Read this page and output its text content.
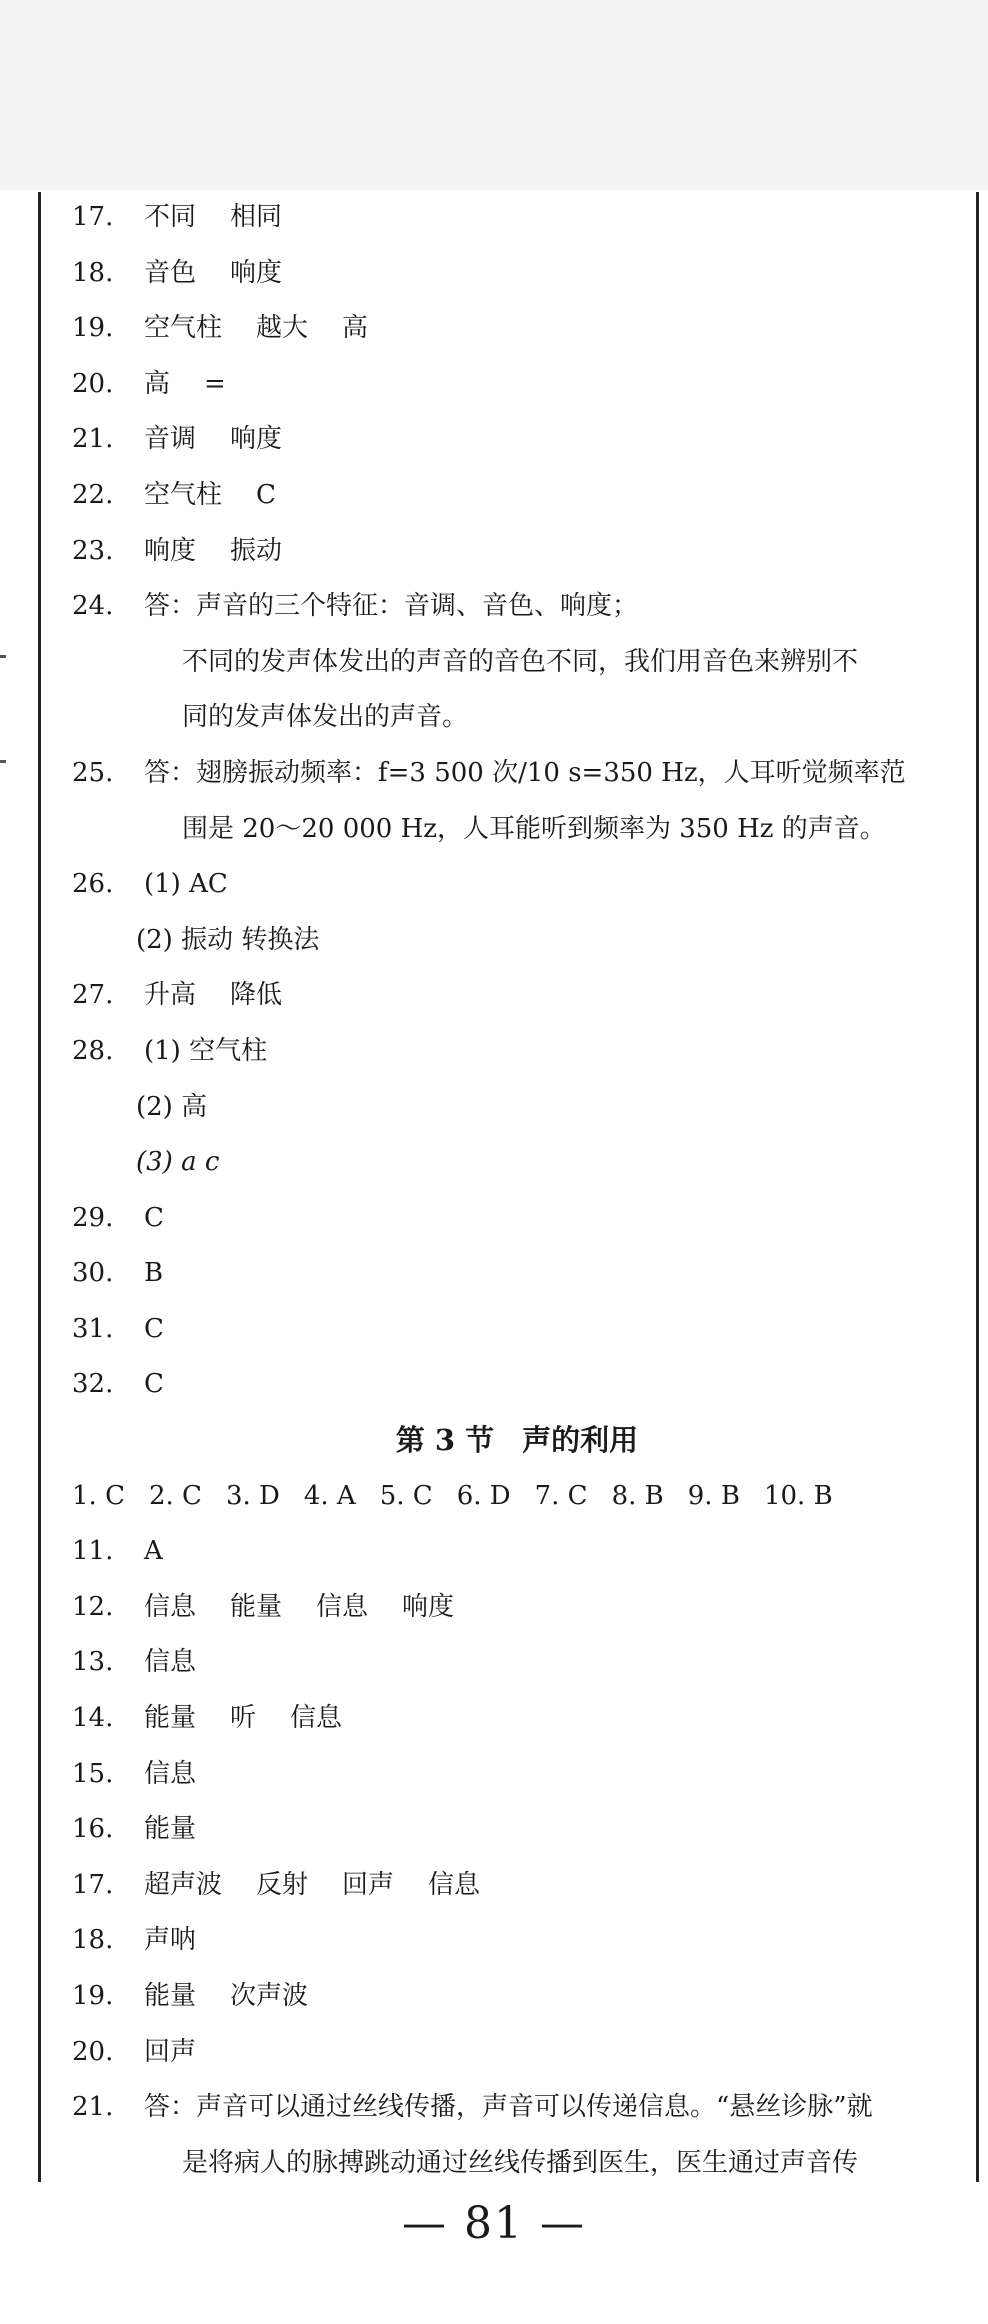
17. 不同 相同
18. 音色 响度
19. 空气柱 越大 高
20. 高 =
21. 音调 响度
22. 空气柱 C
23. 响度 振动
24. 答：声音的三个特征：音调、音色、响度；
不同的发声体发出的声音的音色不同，我们用音色来辨别不
同的发声体发出的声音。
25. 答：翅膀振动频率：f=3 500 次/10 s=350 Hz，人耳听觉频率范
围是 20～20 000 Hz，人耳能听到频率为 350 Hz 的声音。
26. (1) AC
(2) 振动 转换法
27. 升高 降低
28. (1) 空气柱
(2) 高
(3) a c
29. C
30. B
31. C
32. C
第 3 节 声的利用
1. C 2. C 3. D 4. A 5. C 6. D 7. C 8. B 9. B 10. B
11. A
12. 信息 能量 信息 响度
13. 信息
14. 能量 听 信息
15. 信息
16. 能量
17. 超声波 反射 回声 信息
18. 声呐
19. 能量 次声波
20. 回声
21. 答：声音可以通过丝线传播，声音可以传递信息。“悬丝诊脉”就
是将病人的脉搏跳动通过丝线传播到医生，医生通过声音传
— 81 —
